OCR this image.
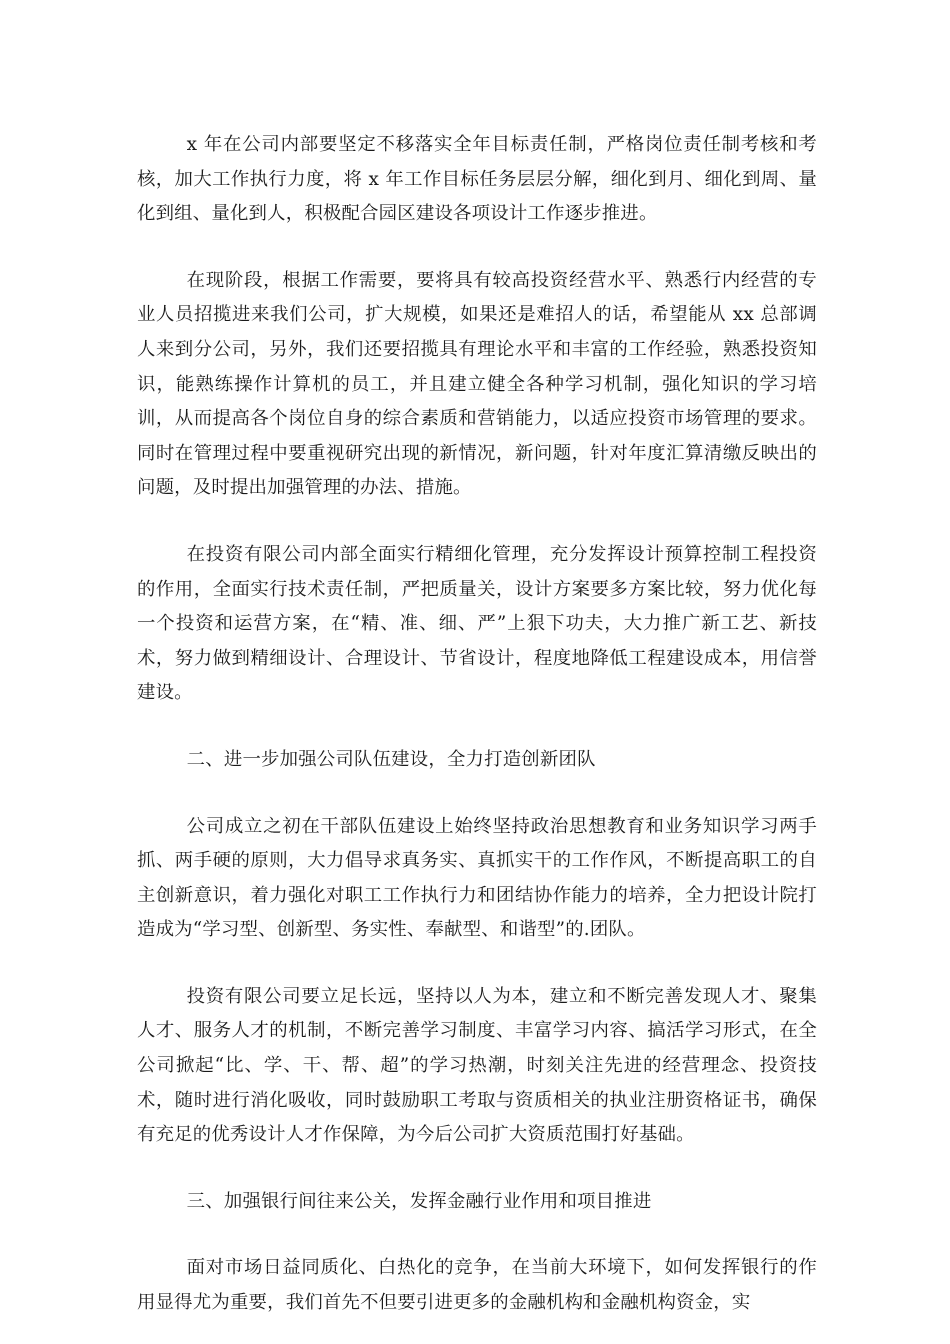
x 年在公司内部要坚定不移落实全年目标责任制，严格岗位责任制考核和考核，加大工作执行力度，将 x 年工作目标任务层层分解，细化到月、细化到周、量化到组、量化到人，积极配合园区建设各项设计工作逐步推进。

在现阶段，根据工作需要，要将具有较高投资经营水平、熟悉行内经营的专业人员招揽进来我们公司，扩大规模，如果还是难招人的话，希望能从 xx 总部调人来到分公司，另外，我们还要招揽具有理论水平和丰富的工作经验，熟悉投资知识，能熟练操作计算机的员工，并且建立健全各种学习机制，强化知识的学习培训，从而提高各个岗位自身的综合素质和营销能力，以适应投资市场管理的要求。同时在管理过程中要重视研究出现的新情况，新问题，针对年度汇算清缴反映出的问题，及时提出加强管理的办法、措施。

在投资有限公司内部全面实行精细化管理，充分发挥设计预算控制工程投资的作用，全面实行技术责任制，严把质量关，设计方案要多方案比较，努力优化每一个投资和运营方案，在“精、准、细、严”上狠下功夫，大力推广新工艺、新技术，努力做到精细设计、合理设计、节省设计，程度地降低工程建设成本，用信誉建设。

二、进一步加强公司队伍建设，全力打造创新团队

公司成立之初在干部队伍建设上始终坚持政治思想教育和业务知识学习两手抓、两手硬的原则，大力倡导求真务实、真抓实干的工作作风，不断提高职工的自主创新意识，着力强化对职工工作执行力和团结协作能力的培养，全力把设计院打造成为“学习型、创新型、务实性、奉献型、和谐型”的.团队。

投资有限公司要立足长远，坚持以人为本，建立和不断完善发现人才、聚集人才、服务人才的机制，不断完善学习制度、丰富学习内容、搞活学习形式，在全公司掀起“比、学、干、帮、超”的学习热潮，时刻关注先进的经营理念、投资技术，随时进行消化吸收，同时鼓励职工考取与资质相关的执业注册资格证书，确保有充足的优秀设计人才作保障，为今后公司扩大资质范围打好基础。

三、加强银行间往来公关，发挥金融行业作用和项目推进

面对市场日益同质化、白热化的竞争，在当前大环境下，如何发挥银行的作用显得尤为重要，我们首先不但要引进更多的金融机构和金融机构资金，实
